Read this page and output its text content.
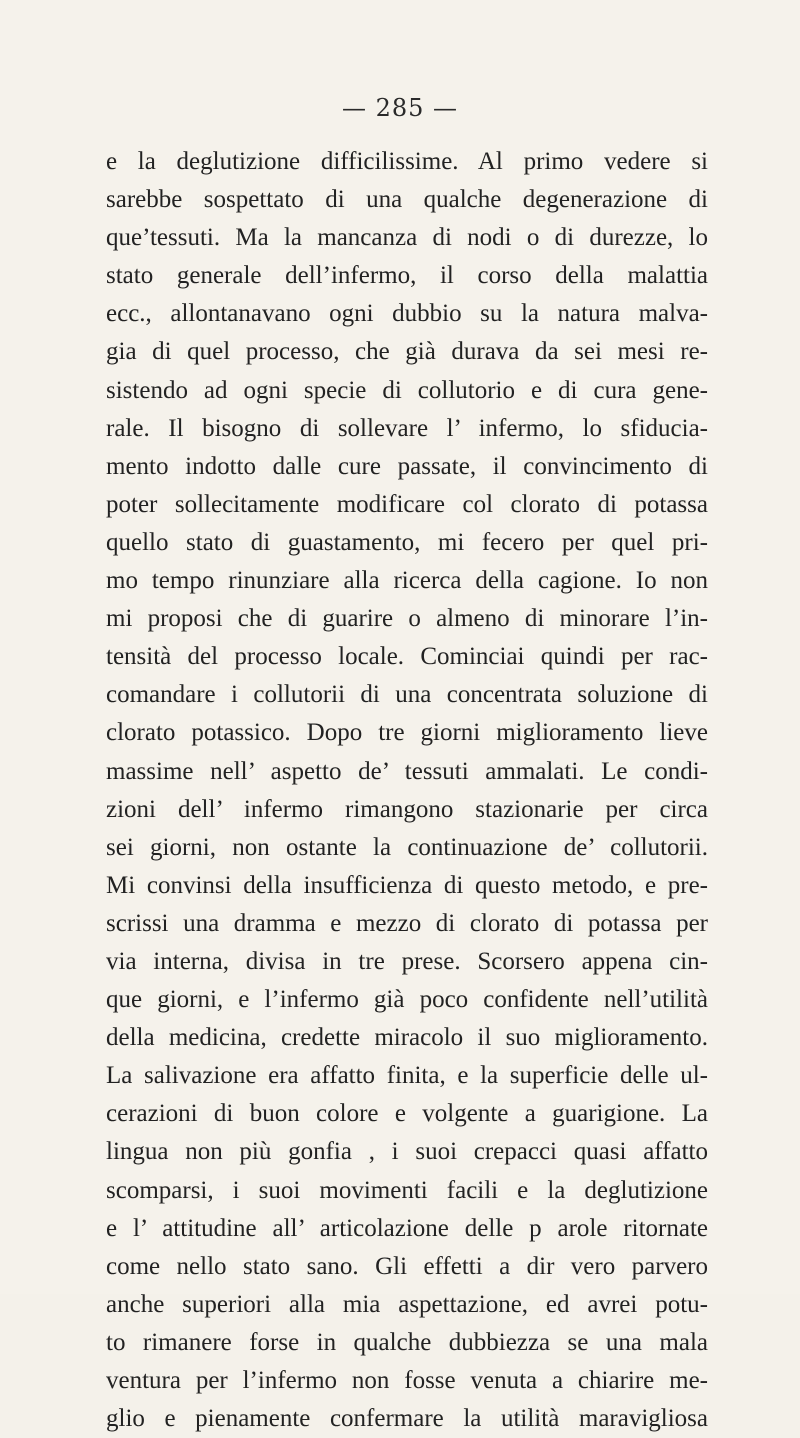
— 285 —
e la deglutizione difficilissime. Al primo vedere si
sarebbe sospettato di una qualche degenerazione di
que’tessuti. Ma la mancanza di nodi o di durezze, lo
stato generale dell’infermo, il corso della malattia
ecc., allontanavano ogni dubbio su la natura malva-
gia di quel processo, che già durava da sei mesi re-
sistendo ad ogni specie di collutorio e di cura gene-
rale. Il bisogno di sollevare l’ infermo, lo sfiducia-
mento indotto dalle cure passate, il convincimento di
poter sollecitamente modificare col clorato di potassa
quello stato di guastamento, mi fecero per quel pri-
mo tempo rinunziare alla ricerca della cagione. Io non
mi proposi che di guarire o almeno di minorare l’in-
tensità del processo locale. Cominciai quindi per rac-
comandare i collutorii di una concentrata soluzione di
clorato potassico. Dopo tre giorni miglioramento lieve
massime nell’ aspetto de’ tessuti ammalati. Le condi-
zioni dell’ infermo rimangono stazionarie per circa
sei giorni, non ostante la continuazione de’ collutorii.
Mi convinsi della insufficienza di questo metodo, e pre-
scrissi una dramma e mezzo di clorato di potassa per
via interna, divisa in tre prese. Scorsero appena cin-
que giorni, e l’infermo già poco confidente nell’utilità
della medicina, credette miracolo il suo miglioramento.
La salivazione era affatto finita, e la superficie delle ul-
cerazioni di buon colore e volgente a guarigione. La
lingua non più gonfia , i suoi crepacci quasi affatto
scomparsi, i suoi movimenti facili e la deglutizione
e l’ attitudine all’ articolazione delle p arole ritornate
come nello stato sano. Gli effetti a dir vero parvero
anche superiori alla mia aspettazione, ed avrei potu-
to rimanere forse in qualche dubbiezza se una mala
ventura per l’infermo non fosse venuta a chiarire me-
glio e pienamente confermare la utilità maravigliosa
